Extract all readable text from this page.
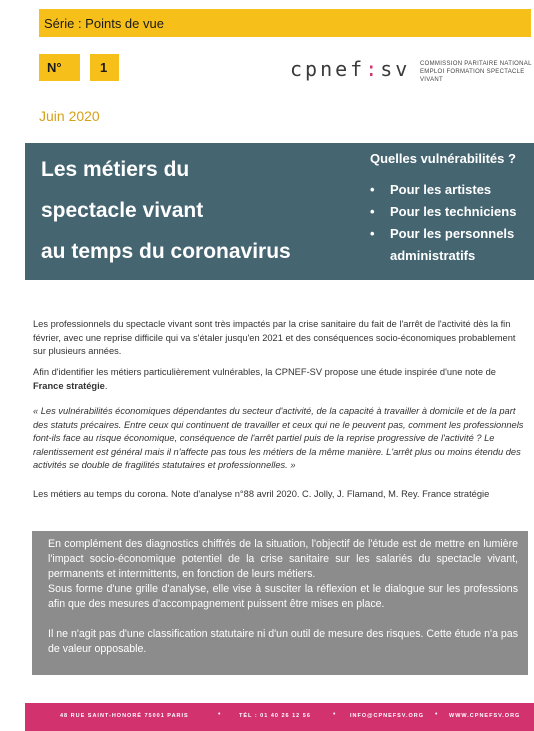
Série : Points de vue
N°	1	cpnef:sv COMMISSION PARITAIRE NATIONAL
EMPLOI FORMATION SPECTACLE VIVANT
Juin 2020
Les métiers du
spectacle vivant
au temps du coronavirus
Quelles vulnérabilités ?
• Pour les artistes
• Pour les techniciens
• Pour les personnels administratifs

Les professionnels du spectacle vivant sont très impactés par la crise sanitaire du fait de l'arrêt de l'activité dès la fin février, avec une reprise difficile qui va s'étaler jusqu'en 2021 et des conséquences socio-économiques probablement sur plusieurs années.

Afin d'identifier les métiers particulièrement vulnérables, la CPNEF-SV propose une étude inspirée d'une note de France stratégie.

« Les vulnérabilités économiques dépendantes du secteur d'activité, de la capacité à travailler à domicile et de la part des statuts précaires. Entre ceux qui continuent de travailler et ceux qui ne le peuvent pas, comment les professionnels font-ils face au risque économique, conséquence de l'arrêt partiel puis de la reprise progressive de l'activité ? Le ralentissement est général mais il n'affecte pas tous les métiers de la même manière. L'arrêt plus ou moins étendu des activités se double de fragilités statutaires et professionnelles. »

Les métiers au temps du corona. Note d'analyse n°88 avril 2020. C. Jolly, J. Flamand, M. Rey. France stratégie

En complément des diagnostics chiffrés de la situation, l'objectif de l'étude est de mettre en lumière l'impact socio-économique potentiel de la crise sanitaire sur les salariés du spectacle vivant, permanents et intermittents, en fonction de leurs métiers.
Sous forme d'une grille d'analyse, elle vise à susciter la réflexion et le dialogue sur les professions afin que des mesures d'accompagnement puissent être mises en place.

Il ne n'agit pas d'une classification statutaire ni d'un outil de mesure des risques. Cette étude n'a pas de valeur opposable.

48 RUE SAINT-HONORÉ 75001 PARIS	•	TÉL : 01 40 26 12 56	•	INFO@CPNEFSV.ORG • WWW.CPNEFSV.ORG
